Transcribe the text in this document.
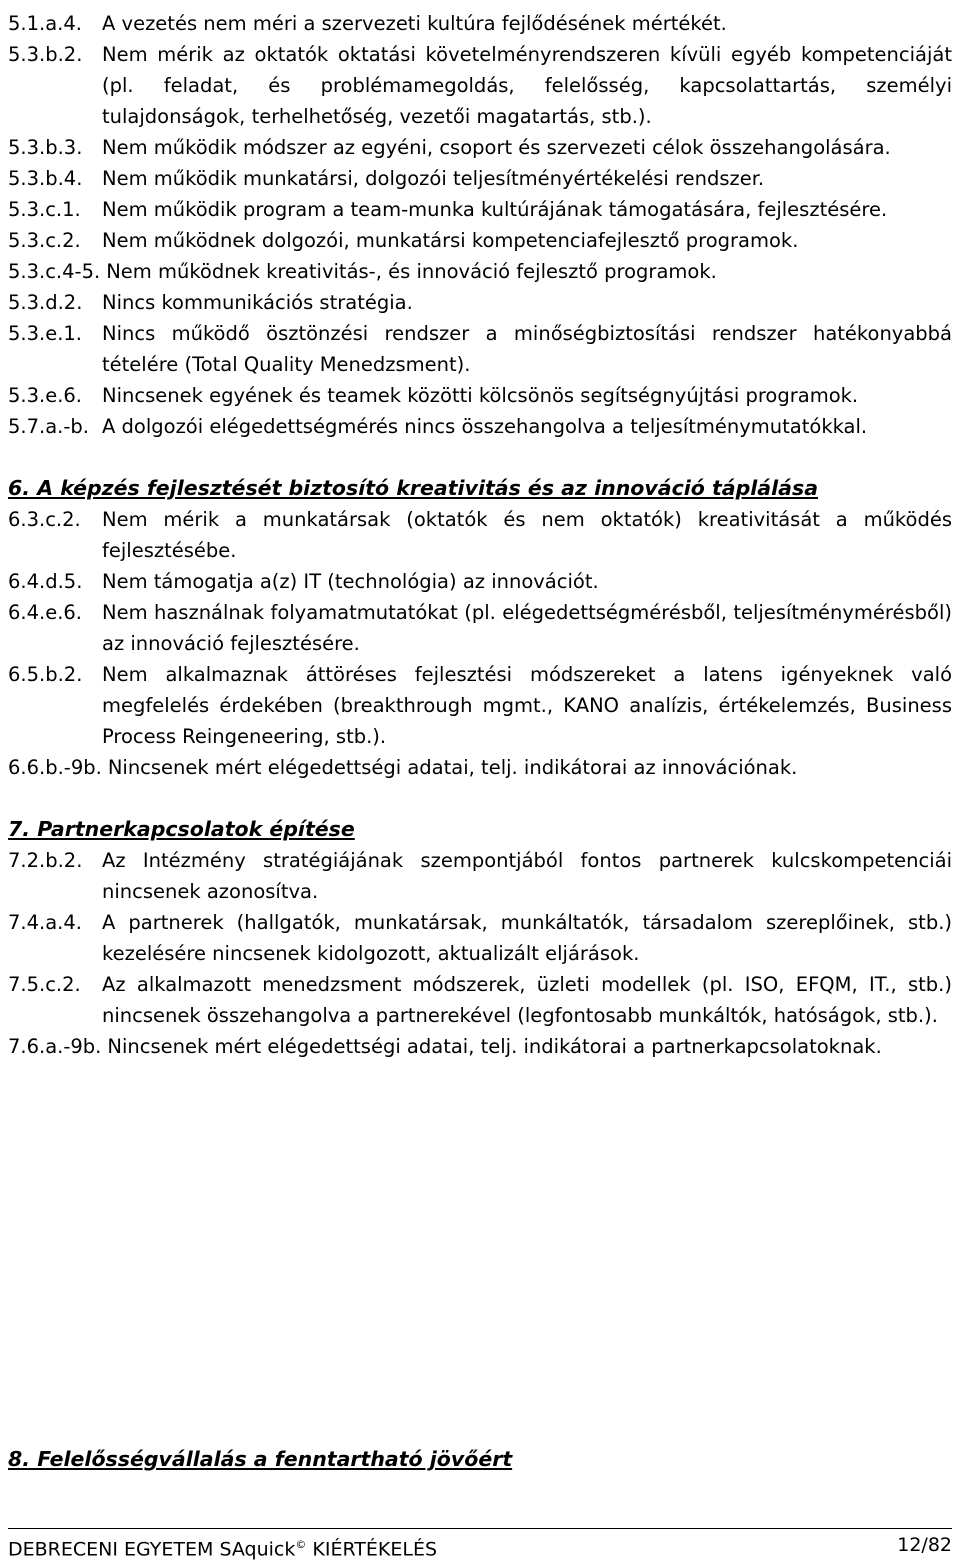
5.1.a.4.	A vezetés nem méri a szervezeti kultúra fejlődésének mértékét.
5.3.b.2.	Nem mérik az oktatók oktatási követelményrendszeren kívüli egyéb kompetenciáját (pl. feladat, és problémamegoldás, felelősség, kapcsolattartás, személyi tulajdonságok, terhelhetőség, vezetői magatartás, stb.).
5.3.b.3.	Nem működik módszer az egyéni, csoport és szervezeti célok összehangolására.
5.3.b.4.	Nem működik munkatársi, dolgozói teljesítményértékelési rendszer.
5.3.c.1.	Nem működik program a team-munka kultúrájának támogatására, fejlesztésére.
5.3.c.2.	Nem működnek dolgozói, munkatársi kompetenciafejlesztő programok.
5.3.c.4-5. Nem működnek kreativitás-, és innováció fejlesztő programok.
5.3.d.2.	Nincs kommunikációs stratégia.
5.3.e.1.	Nincs működő ösztönzési rendszer a minőségbiztosítási rendszer hatékonyabbá tételére (Total Quality Menedzsment).
5.3.e.6.	Nincsenek egyének és teamek közötti kölcsönös segítségnyújtási programok.
5.7.a.-b. A dolgozói elégedettségmérés nincs összehangolva a teljesítménymutatókkal.
6. A képzés fejlesztését biztosító kreativitás és az innováció táplálása
6.3.c.2.	Nem mérik a munkatársak (oktatók és nem oktatók) kreativitását a működés fejlesztésébe.
6.4.d.5.	Nem támogatja a(z) IT (technológia) az innovációt.
6.4.e.6.	Nem használnak folyamatmutatókat (pl. elégedettségmérésből, teljesítménymérésből) az innováció fejlesztésére.
6.5.b.2.	Nem alkalmaznak áttöréses fejlesztési módszereket a latens igényeknek való megfelelés érdekében (breakthrough mgmt., KANO analízis, értékelemzés, Business Process Reingeneering, stb.).
6.6.b.-9b. Nincsenek mért elégedettségi adatai, telj. indikátorai az innovációnak.
7. Partnerkapcsolatok építése
7.2.b.2.	Az Intézmény stratégiájának szempontjából fontos partnerek kulcskompetenciái nincsenek azonosítva.
7.4.a.4.	A partnerek (hallgatók, munkatársak, munkáltatók, társadalom szereplőinek, stb.) kezelésére nincsenek kidolgozott, aktualizált eljárások.
7.5.c.2.	Az alkalmazott menedzsment módszerek, üzleti modellek (pl. ISO, EFQM, IT., stb.) nincsenek összehangolva a partnerekével (legfontosabb munkáltók, hatóságok, stb.).
7.6.a.-9b. Nincsenek mért elégedettségi adatai, telj. indikátorai a partnerkapcsolatoknak.
8. Felelősségvállalás a fenntartható jövőért
DEBRECENI EGYETEM SAquick© KIÉRTÉKELÉS	12/82
